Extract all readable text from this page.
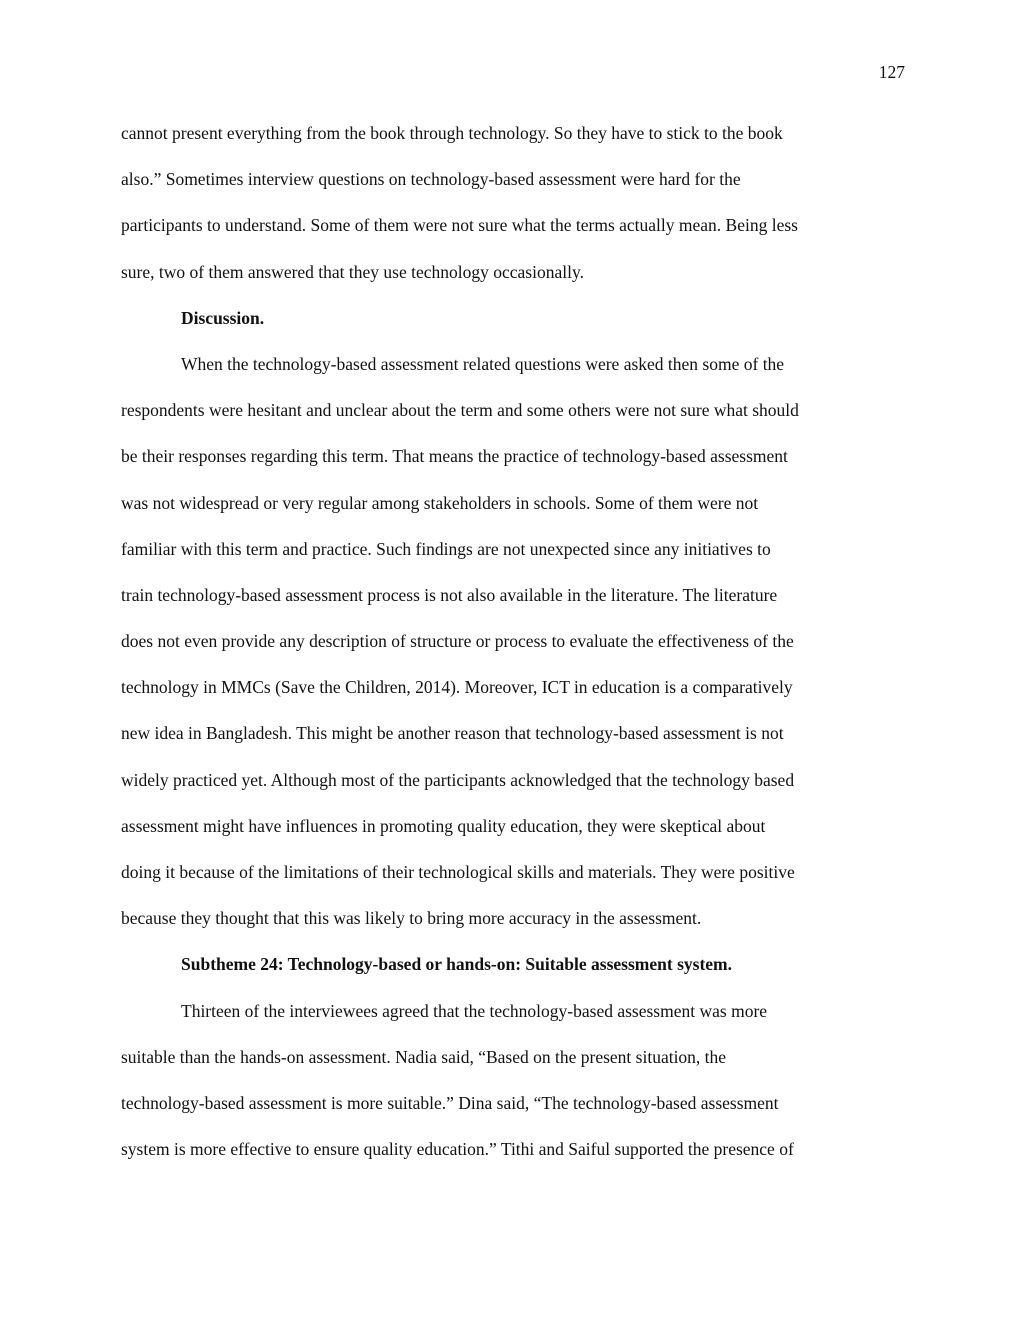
127
cannot present everything from the book through technology. So they have to stick to the book
also.” Sometimes interview questions on technology-based assessment were hard for the
participants to understand. Some of them were not sure what the terms actually mean. Being less
sure, two of them answered that they use technology occasionally.
Discussion.
When the technology-based assessment related questions were asked then some of the
respondents were hesitant and unclear about the term and some others were not sure what should
be their responses regarding this term. That means the practice of technology-based assessment
was not widespread or very regular among stakeholders in schools. Some of them were not
familiar with this term and practice. Such findings are not unexpected since any initiatives to
train technology-based assessment process is not also available in the literature. The literature
does not even provide any description of structure or process to evaluate the effectiveness of the
technology in MMCs (Save the Children, 2014). Moreover, ICT in education is a comparatively
new idea in Bangladesh. This might be another reason that technology-based assessment is not
widely practiced yet. Although most of the participants acknowledged that the technology based
assessment might have influences in promoting quality education, they were skeptical about
doing it because of the limitations of their technological skills and materials. They were positive
because they thought that this was likely to bring more accuracy in the assessment.
Subtheme 24: Technology-based or hands-on: Suitable assessment system.
Thirteen of the interviewees agreed that the technology-based assessment was more
suitable than the hands-on assessment. Nadia said, “Based on the present situation, the
technology-based assessment is more suitable.” Dina said, “The technology-based assessment
system is more effective to ensure quality education.” Tithi and Saiful supported the presence of
